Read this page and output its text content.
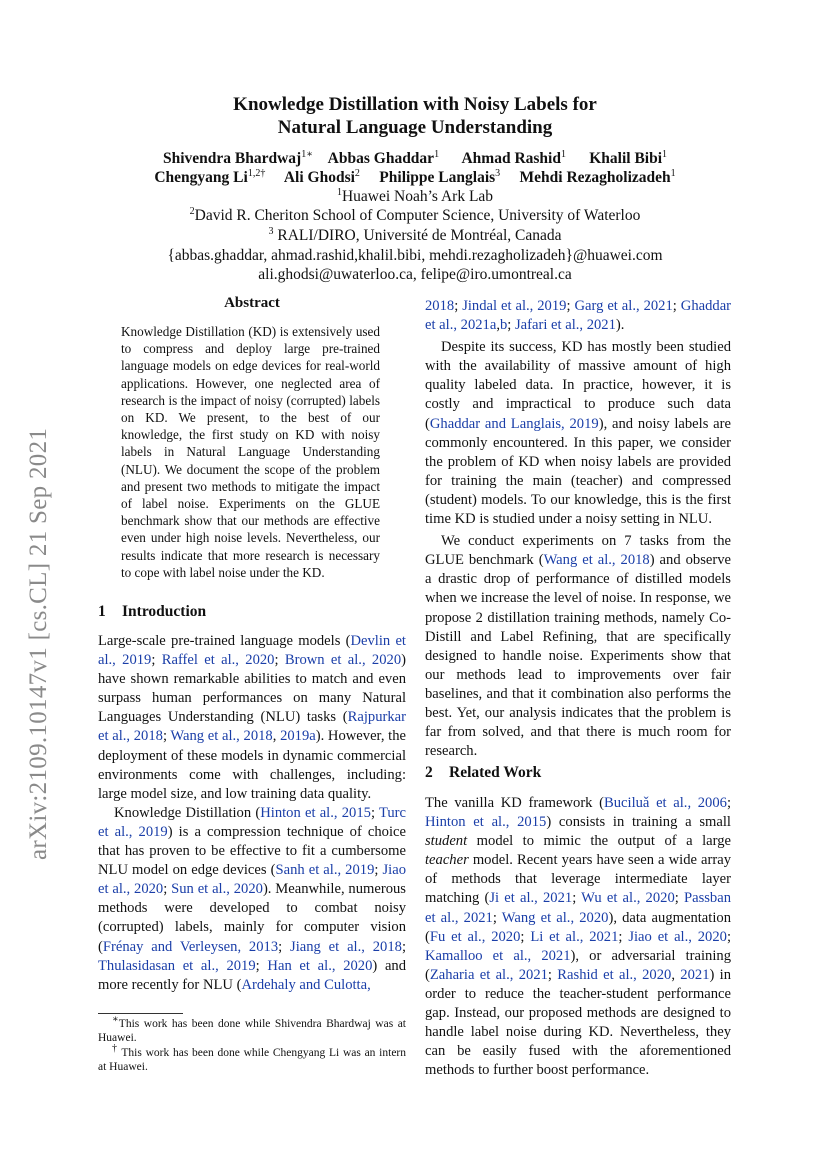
arXiv:2109.10147v1 [cs.CL] 21 Sep 2021
Knowledge Distillation with Noisy Labels for
Natural Language Understanding
Shivendra Bhardwaj$^{1∗}$ Abbas Ghaddar$^1$ Ahmad Rashid$^1$ Khalil Bibi$^1$
Chengyang $Li^{1,2\dagger}$ Ali Ghodsi$^2$ Philippe Langlais$^3$ Mehdi Rezagholizadeh$^1$
$^1$Huawei Noah’s Ark Lab
$^2$David R. Cheriton School of Computer Science, University of Waterloo
$^3$ RALI/DIRO, Université de Montréal, Canada
{abbas.ghaddar, ahmad.rashid,khalil.bibi, mehdi.rezagholizadeh}@huawei.com
ali.ghodsi@uwaterloo.ca, felipe@iro.umontreal.ca
Abstract
Knowledge Distillation (KD) is extensively used to compress and deploy large pre-trained language models on edge devices for real-world applications. However, one neglected area of research is the impact of noisy (corrupted) labels on KD. We present, to the best of our knowledge, the first study on KD with noisy labels in Natural Language Understanding (NLU). We document the scope of the problem and present two methods to mitigate the impact of label noise. Experiments on the GLUE benchmark show that our methods are effective even under high noise levels. Nevertheless, our results indicate that more research is necessary to cope with label noise under the KD.
1 Introduction

Large-scale pre-trained language models (Devlin et al., 2019; Raffel et al., 2020; Brown et al., 2020) have shown remarkable abilities to match and even surpass human performances on many Natural Languages Understanding (NLU) tasks (Rajpurkar et al., 2018; Wang et al., 2018, 2019a). However, the deployment of these models in dynamic commercial environments come with challenges, including: large model size, and low training data quality.

Knowledge Distillation (Hinton et al., 2015; Turc et al., 2019) is a compression technique of choice that has proven to be effective to fit a cumbersome NLU model on edge devices (Sanh et al., 2019; Jiao et al., 2020; Sun et al., 2020). Meanwhile, numerous methods were developed to combat noisy (corrupted) labels, mainly for computer vision (Frénay and Verleysen, 2013; Jiang et al., 2018; Thulasidasan et al., 2019; Han et al., 2020) and more recently for NLU (Ardehaly and Culotta,

∗This work has been done while Shivendra Bhardwaj was at Huawei.

† This work has been done while Chengyang Li was an intern at Huawei.

2018; Jindal et al., 2019; Garg et al., 2021; Ghaddar et al., 2021a,b; Jafari et al., 2021).

Despite its success, KD has mostly been studied with the availability of massive amount of high quality labeled data. In practice, however, it is costly and impractical to produce such data (Ghaddar and Langlais, 2019), and noisy labels are commonly encountered. In this paper, we consider the problem of KD when noisy labels are provided for training the main (teacher) and compressed (student) models. To our knowledge, this is the first time KD is studied under a noisy setting in NLU.

We conduct experiments on 7 tasks from the GLUE benchmark (Wang et al., 2018) and observe a drastic drop of performance of distilled models when we increase the level of noise. In response, we propose 2 distillation training methods, namely Co-Distill and Label Refining, that are specifically designed to handle noise. Experiments show that our methods lead to improvements over fair baselines, and that it combination also performs the best. Yet, our analysis indicates that the problem is far from solved, and that there is much room for research.

2 Related Work

The vanilla KD framework (Buciluǎ et al., 2006; Hinton et al., 2015) consists in training a small student model to mimic the output of a large teacher model. Recent years have seen a wide array of methods that leverage intermediate layer matching (Ji et al., 2021; Wu et al., 2020; Passban et al., 2021; Wang et al., 2020), data augmentation (Fu et al., 2020; Li et al., 2021; Jiao et al., 2020; Kamalloo et al., 2021), or adversarial training (Zaharia et al., 2021; Rashid et al., 2020, 2021) in order to reduce the teacher-student performance gap. Instead, our proposed methods are designed to handle label noise during KD. Nevertheless, they can be easily fused with the aforementioned methods to further boost performance.
